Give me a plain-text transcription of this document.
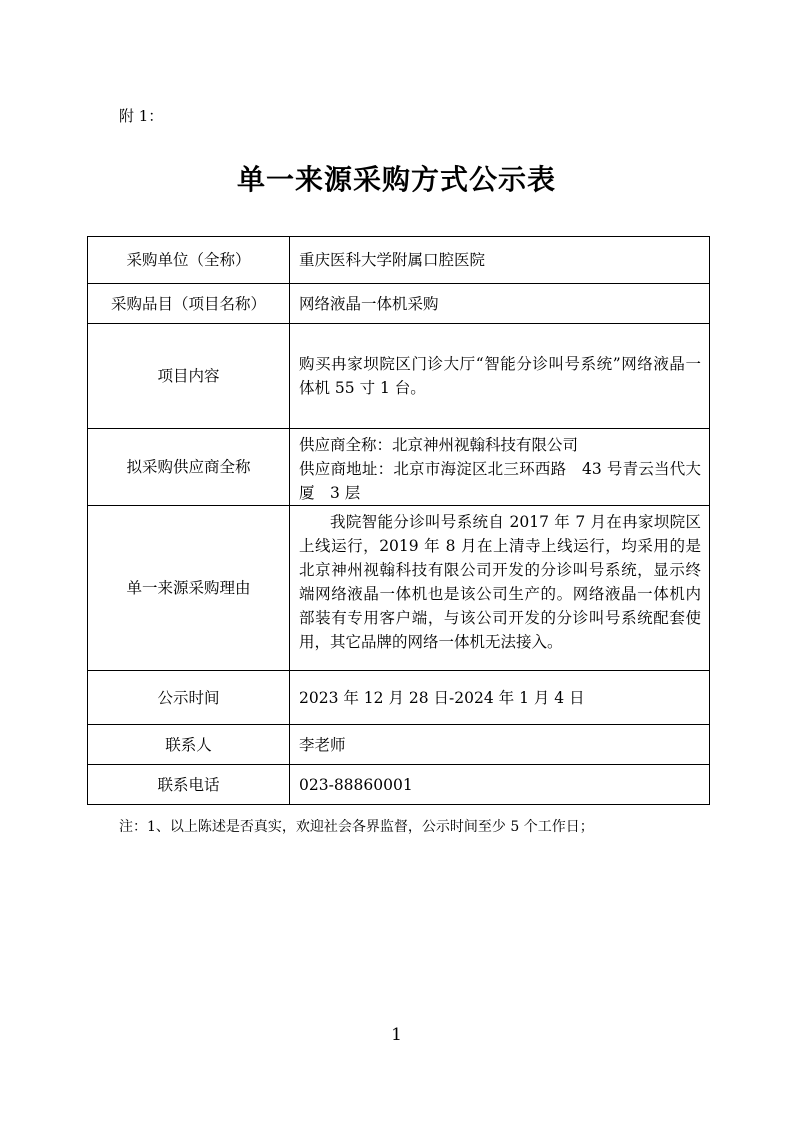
附 1：
单一来源采购方式公示表
采购单位（全称）	重庆医科大学附属口腔医院
采购品目（项目名称）	网络液晶一体机采购
项目内容	购买冉家坝院区门诊大厅“智能分诊叫号系统”网络液晶一体机 55 寸 1 台。

拟采购供应商全称	供应商全称：北京神州视翰科技有限公司
供应商地址：北京市海淀区北三环西路　43 号青云当代大厦　3 层

单一来源采购理由	我院智能分诊叫号系统自 2017 年 7 月在冉家坝院区上线运行，2019 年 8 月在上清寺上线运行，均采用的是北京神州视翰科技有限公司开发的分诊叫号系统，显示终端网络液晶一体机也是该公司生产的。网络液晶一体机内部装有专用客户端，与该公司开发的分诊叫号系统配套使用，其它品牌的网络一体机无法接入。

公示时间	2023 年 12 月 28 日-2024 年 1 月 4 日
联系人	李老师
联系电话	023-88860001
注：1、以上陈述是否真实，欢迎社会各界监督，公示时间至少 5 个工作日；
1
